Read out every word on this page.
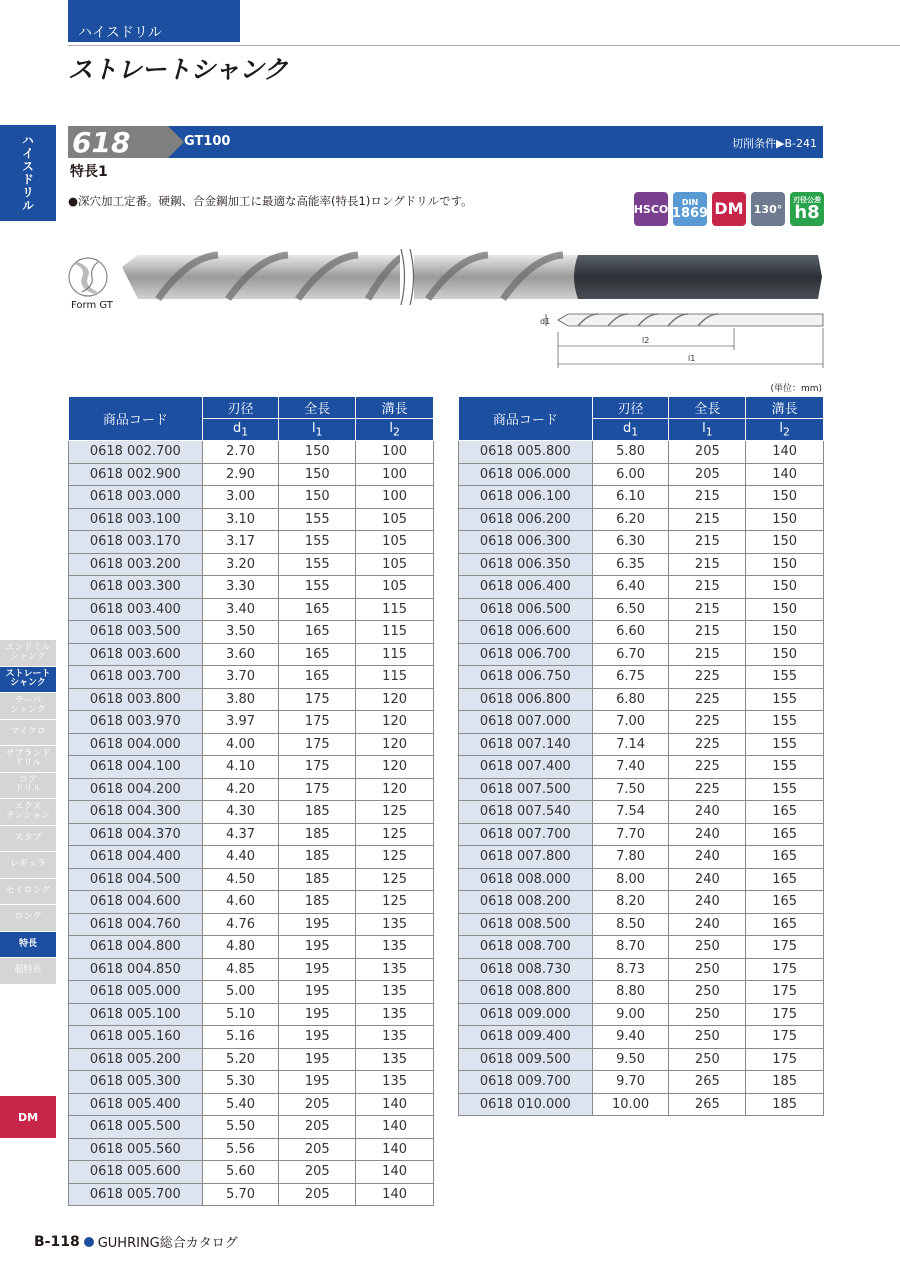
ハイスドリル
ストレートシャンク
ハイスドリル	618	GT100	切削条件▶B-241
特長1
●深穴加工定番。硬鋼、合金鋼加工に最適な高能率(特長1)ロングドリルです。
HSCO
DIN
1869 DM 130°
刃径公差
h8
Form GT
d1
l2
l1
(単位：mm)
商品コード	刃径	全長	溝長
	$d_1$	$l_1$	$l_2$
0618 002.700	2.70	150	100
0618 002.900	2.90	150	100
0618 003.000	3.00	150	100
0618 003.100	3.10	155	105
0618 003.170	3.17	155	105
0618 003.200	3.20	155	105
0618 003.300	3.30	155	105
0618 003.400	3.40	165	115
0618 003.500	3.50	165	115
0618 003.600	3.60	165	115
0618 003.700	3.70	165	115
0618 003.800	3.80	175	120
0618 003.970	3.97	175	120
0618 004.000	4.00	175	120
0618 004.100	4.10	175	120
0618 004.200	4.20	175	120
0618 004.300	4.30	185	125
0618 004.370	4.37	185	125
0618 004.400	4.40	185	125
0618 004.500	4.50	185	125
0618 004.600	4.60	185	125
0618 004.760	4.76	195	135
0618 004.800	4.80	195	135
0618 004.850	4.85	195	135
0618 005.000	5.00	195	135
0618 005.100	5.10	195	135
0618 005.160	5.16	195	135
0618 005.200	5.20	195	135
0618 005.300	5.30	195	135
0618 005.400	5.40	205	140
0618 005.500	5.50	205	140
0618 005.560	5.56	205	140
0618 005.600	5.60	205	140
0618 005.700	5.70	205	140
商品コード	刃径	全長	溝長
	$d_1$	$l_1$	$l_2$
0618 005.800	5.80	205	140
0618 006.000	6.00	205	140
0618 006.100	6.10	215	150
0618 006.200	6.20	215	150
0618 006.300	6.30	215	150
0618 006.350	6.35	215	150
0618 006.400	6.40	215	150
0618 006.500	6.50	215	150
0618 006.600	6.60	215	150
0618 006.700	6.70	215	150
0618 006.750	6.75	225	155
0618 006.800	6.80	225	155
0618 007.000	7.00	225	155
0618 007.140	7.14	225	155
0618 007.400	7.40	225	155
0618 007.500	7.50	225	155
0618 007.540	7.54	240	165
0618 007.700	7.70	240	165
0618 007.800	7.80	240	165
0618 008.000	8.00	240	165
0618 008.200	8.20	240	165
0618 008.500	8.50	240	165
0618 008.700	8.70	250	175
0618 008.730	8.73	250	175
0618 008.800	8.80	250	175
0618 009.000	9.00	250	175
0618 009.400	9.40	250	175
0618 009.500	9.50	250	175
0618 009.700	9.70	265	185
0618 010.000	10.00	265	185
エンドミル
シャンク
ストレート
シャンク
テーパ
シャンク
マイクロ
サブランド
ドリル
コア
ドリル
エクス
テンション
スタブ
レギュラ
セミロング
ロング
特長
超特長
DM
B-118 GUHRING総合カタログ
